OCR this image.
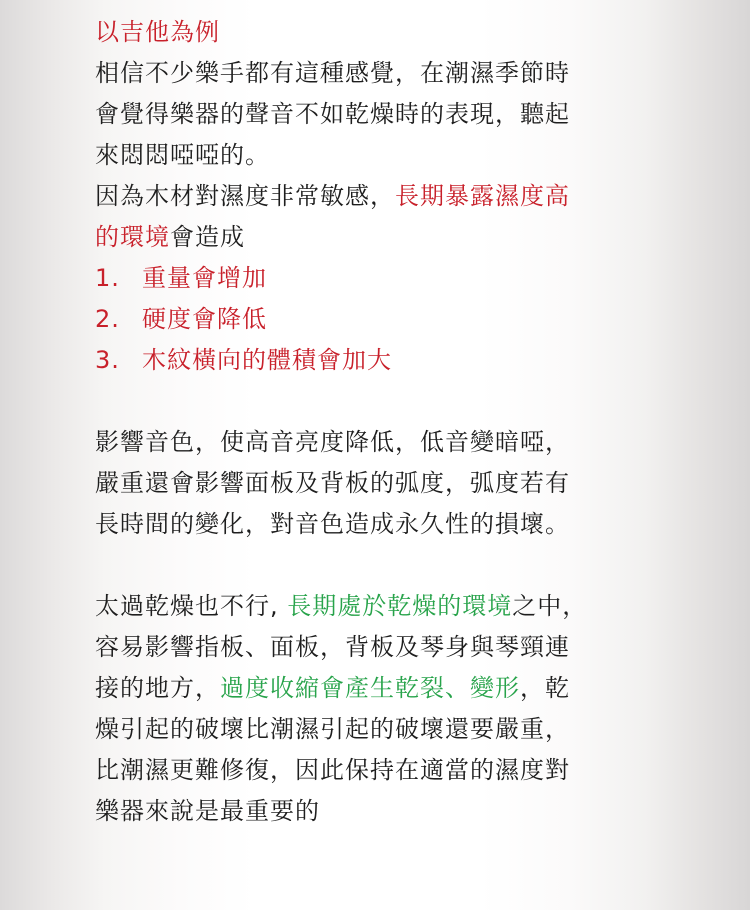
以吉他為例
相信不少樂手都有這種感覺，在潮濕季節時
會覺得樂器的聲音不如乾燥時的表現，聽起
來悶悶啞啞的。
因為木材對濕度非常敏感，長期暴露濕度高
的環境會造成
1. 重量會增加
2. 硬度會降低
3. 木紋橫向的體積會加大
影響音色，使高音亮度降低，低音變暗啞，
嚴重還會影響面板及背板的弧度，弧度若有
長時間的變化，對音色造成永久性的損壞。
太過乾燥也不行, 長期處於乾燥的環境之中，
容易影響指板、面板，背板及琴身與琴頸連
接的地方，過度收縮會產生乾裂、變形，乾
燥引起的破壞比潮濕引起的破壞還要嚴重，
比潮濕更難修復，因此保持在適當的濕度對
樂器來說是最重要的
